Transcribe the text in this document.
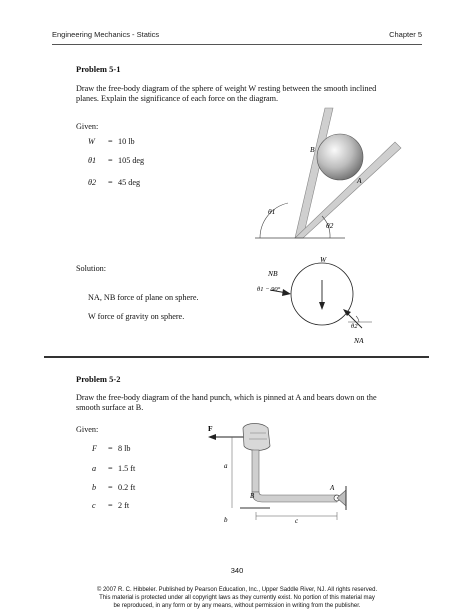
Engineering Mechanics - Statics	Chapter 5
Problem 5-1
Draw the free-body diagram of the sphere of weight W resting between the smooth inclined
planes. Explain the significance of each force on the diagram.
Given:
W = 10 lb
θ1 = 105 deg
θ2 = 45 deg
B
A
θ1
θ2
Solution:
NA, NB force of plane on sphere.
W force of gravity on sphere.
W
NB
θ1 − 90°
θ2
NA
Problem 5-2
Draw the free-body diagram of the hand punch, which is pinned at A and bears down on the
smooth surface at B.
Given:
F = 8 lb
a = 1.5 ft
b = 0.2 ft
c = 2 ft
F
A
B
a
b	c
340
© 2007 R. C. Hibbeler. Published by Pearson Education, Inc., Upper Saddle River, NJ. All rights reserved.
This material is protected under all copyright laws as they currently exist. No portion of this material may
be reproduced, in any form or by any means, without permission in writing from the publisher.
